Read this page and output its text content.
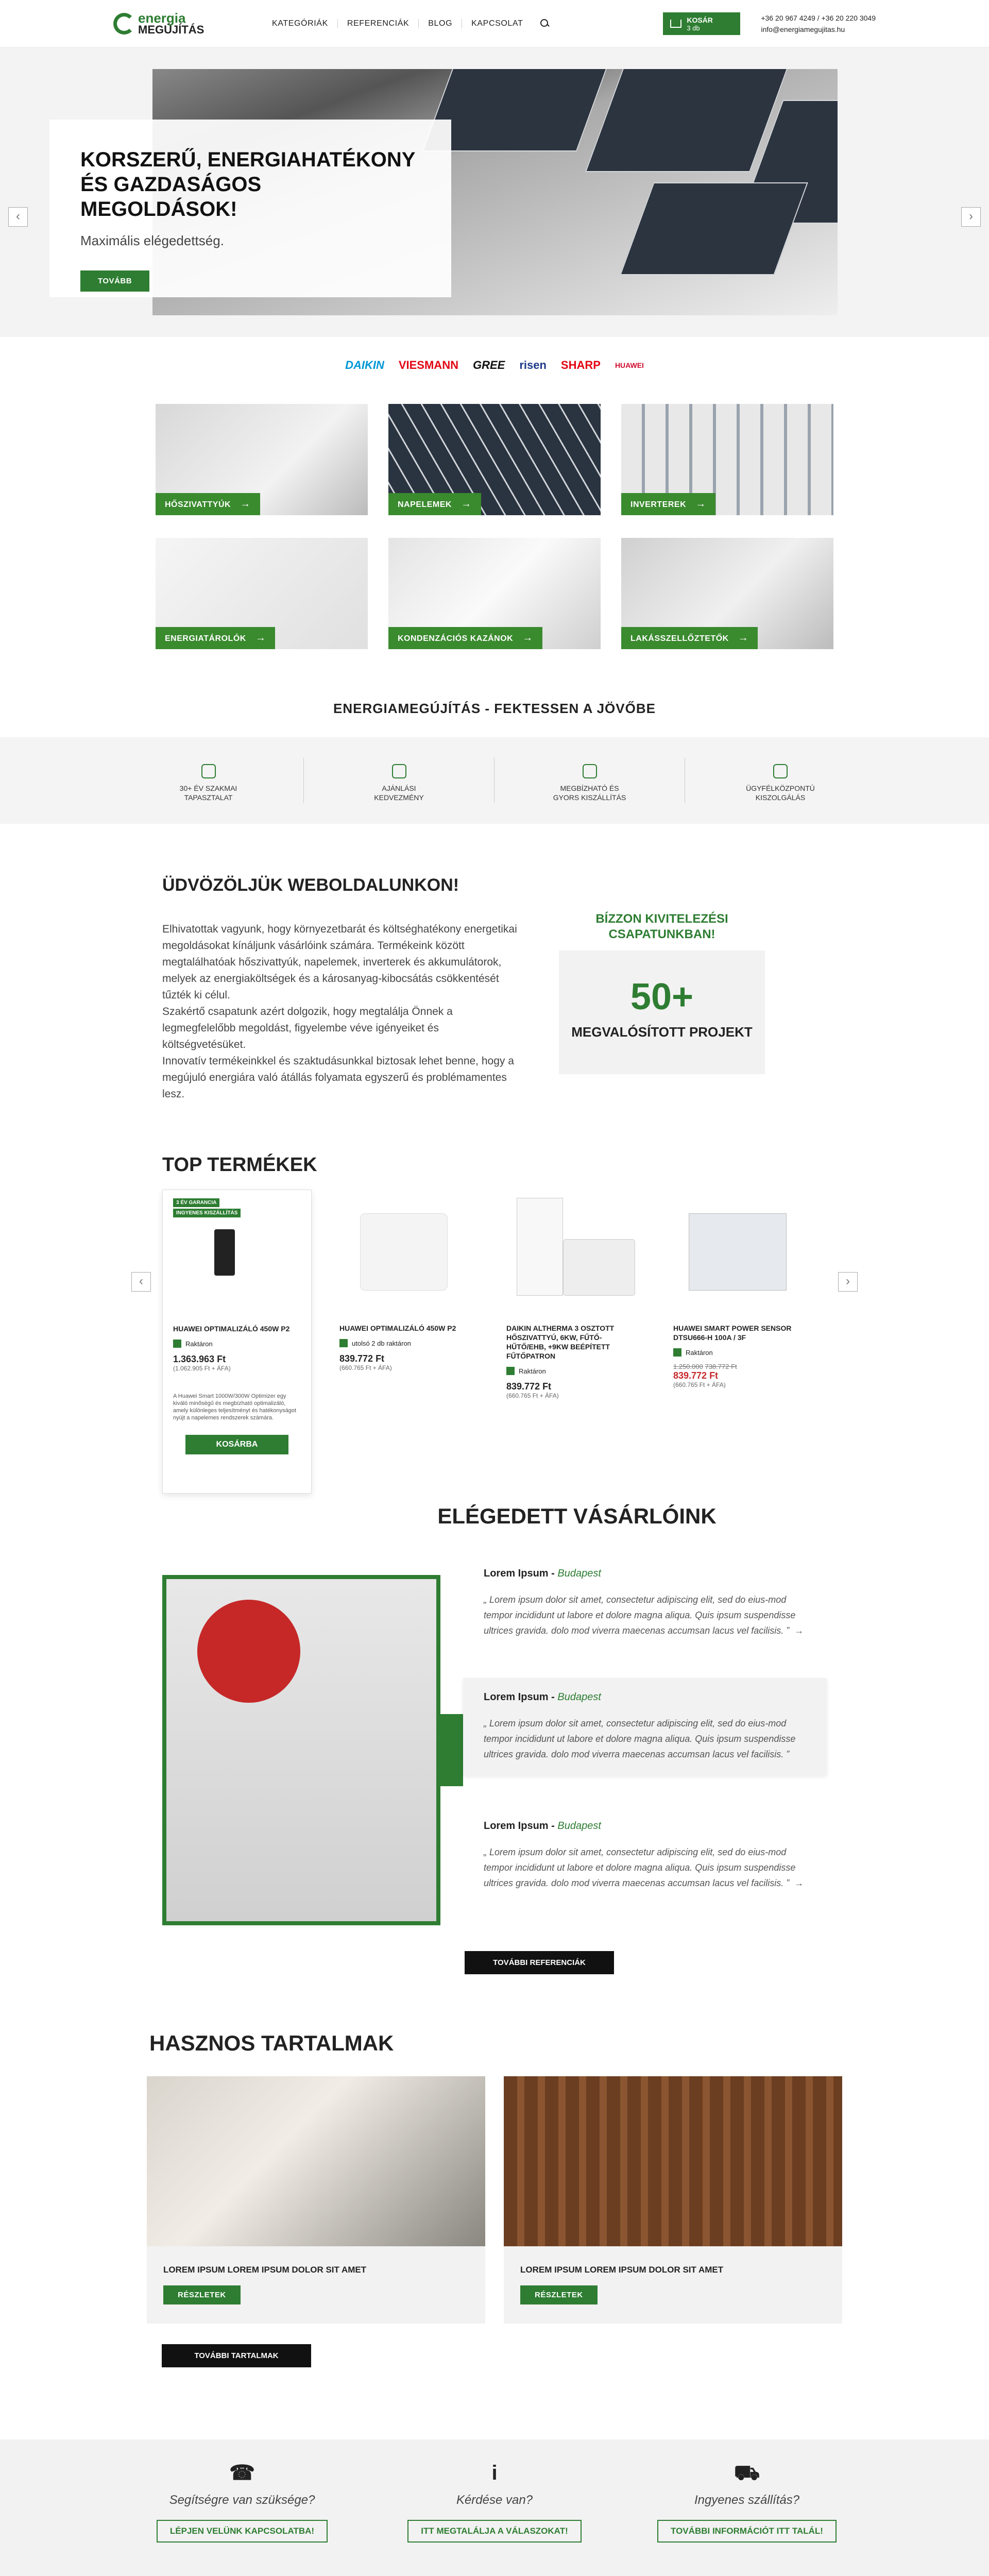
energia
MEGÚJÍTÁS	KATEGÓRIÁK	REFERENCIÁK	BLOG	KAPCSOLAT	KOSÁR
3 db
+36 20 967 4249 / +36 20 220 3049
info@energiamegujitas.hu
‹	›
KORSZERŰ, ENERGIAHATÉKONY ÉS GAZDASÁGOS MEGOLDÁSOK!

Maximális elégedettség.

TOVÁBB
DAIKIN VIESMANN GREE risen SHARP HUAWEI
HŐSZIVATTYÚK →	NAPELEMEK →	INVERTEREK →
ENERGIATÁROLÓK →	KONDENZÁCIÓS KAZÁNOK →	LAKÁSSZELLŐZTETŐK →
ENERGIAMEGÚJÍTÁS - FEKTESSEN A JÖVŐBE
30+ ÉV SZAKMAI TAPASZTALAT
AJÁNLÁSI KEDVEZMÉNY
MEGBÍZHATÓ ÉS GYORS KISZÁLLÍTÁS
ÜGYFÉLKÖZPONTÚ KISZOLGÁLÁS
ÜDVÖZÖLJÜK WEBOLDALUNKON!

Elhivatottak vagyunk, hogy környezetbarát és költséghatékony energetikai megoldásokat kínáljunk vásárlóink számára. Termékeink között megtalálhatóak hőszivattyúk, napelemek, inverterek és akkumulátorok, melyek az energiaköltségek és a károsanyag-kibocsátás csökkentését tűzték ki célul.

Szakértő csapatunk azért dolgozik, hogy megtalálja Önnek a legmegfelelőbb megoldást, figyelembe véve igényeiket és költségvetésüket.

Innovatív termékeinkkel és szaktudásunkkal biztosak lehet benne, hogy a megújuló energiára való átállás folyamata egyszerű és problémamentes lesz.

BÍZZON KIVITELEZÉSI CSAPATUNKBAN!
50+
MEGVALÓSÍTOTT PROJEKT
TOP TERMÉKEK
‹	›
3 ÉV GARANCIA
INGYENES KISZÁLLÍTÁS
HUAWEI OPTIMALIZÁLÓ 450W P2
Raktáron
1.363.963 Ft
(1.062.905 Ft + ÁFA)
A Huawei Smart 1000W/300W Optimizer egy kiváló minőségű és megbízható optimalizáló, amely különleges teljesítményt és hatékonyságot nyújt a napelemes rendszerek számára.
KOSÁRBA
HUAWEI OPTIMALIZÁLÓ 450W P2
utolsó 2 db raktáron
839.772 Ft
(660.765 Ft + ÁFA)
DAIKIN ALTHERMA 3 OSZTOTT HŐSZIVATTYÚ, 6KW, FŰTŐ-HŰTŐ/EHB, +9KW BEÉPÍTETT FŰTŐPATRON
Raktáron
839.772 Ft
(660.765 Ft + ÁFA)
HUAWEI SMART POWER SENSOR DTSU666-H 100A / 3F
Raktáron
1.250.000 738.772 Ft
839.772 Ft
(660.765 Ft + ÁFA)
ELÉGEDETT VÁSÁRLÓINK
Lorem Ipsum - Budapest

„ Lorem ipsum dolor sit amet, consectetur adipiscing elit, sed do eius-mod tempor incididunt ut labore et dolore magna aliqua. Quis ipsum suspendisse ultrices gravida. dolo mod viverra maecenas accumsan lacus vel facilisis. ” →

Lorem Ipsum - Budapest

„ Lorem ipsum dolor sit amet, consectetur adipiscing elit, sed do eius-mod tempor incididunt ut labore et dolore magna aliqua. Quis ipsum suspendisse ultrices gravida. dolo mod viverra maecenas accumsan lacus vel facilisis. ”

Lorem Ipsum - Budapest

„ Lorem ipsum dolor sit amet, consectetur adipiscing elit, sed do eius-mod tempor incididunt ut labore et dolore magna aliqua. Quis ipsum suspendisse ultrices gravida. dolo mod viverra maecenas accumsan lacus vel facilisis. ” →

TOVÁBBI REFERENCIÁK
HASZNOS TARTALMAK
LOREM IPSUM LOREM IPSUM DOLOR SIT AMET
RÉSZLETEK
LOREM IPSUM LOREM IPSUM DOLOR SIT AMET
RÉSZLETEK
TOVÁBBI TARTALMAK
☎
Segítségre van szüksége?
LÉPJEN VELÜNK KAPCSOLATBA!
i
Kérdése van?
ITT MEGTALÁLJA A VÁLASZOKAT!
⛟
Ingyenes szállítás?
TOVÁBBI INFORMÁCIÓT ITT TALÁL!
